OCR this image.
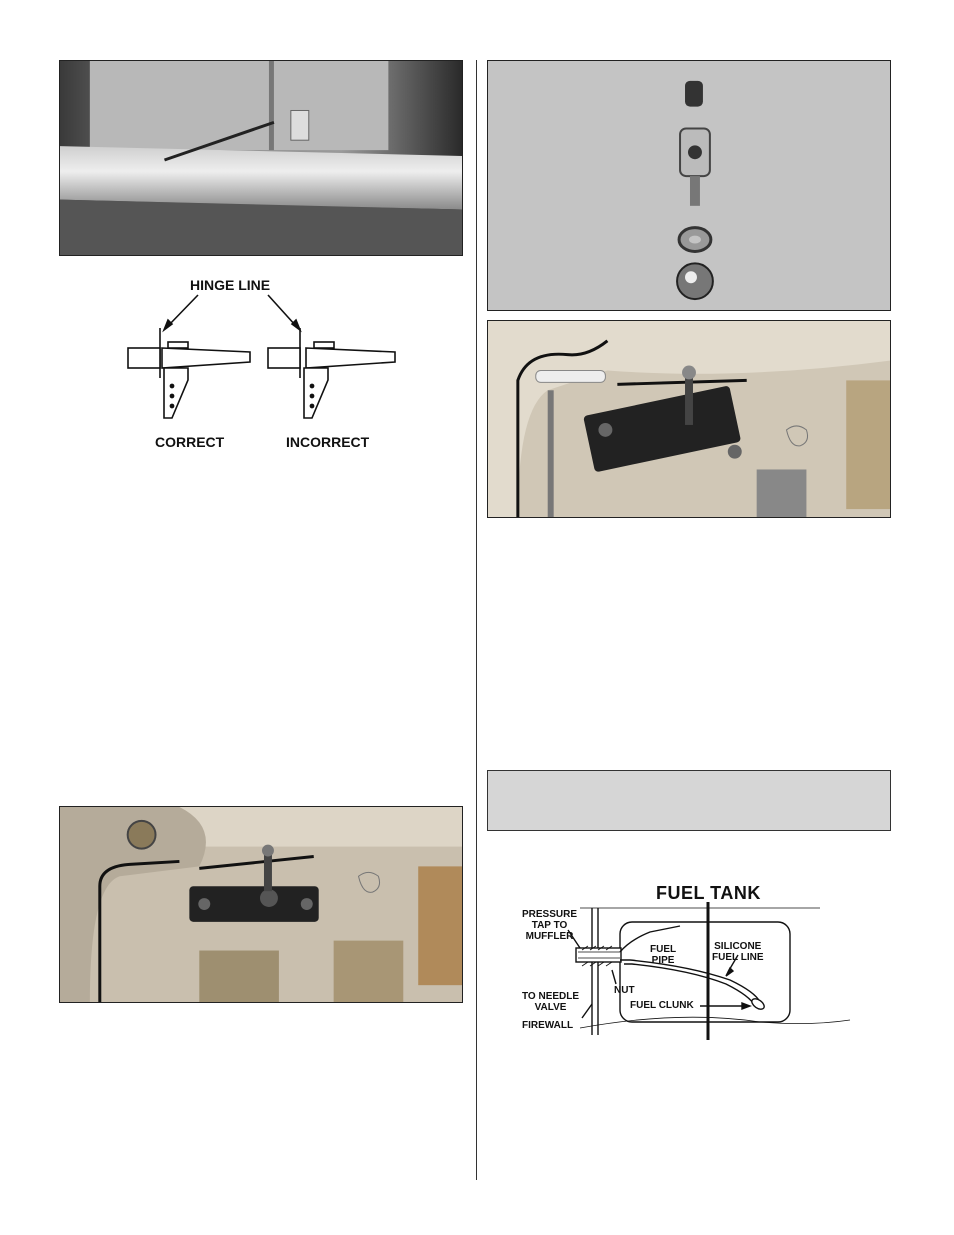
HINGE LINE
CORRECT	INCORRECT
FUEL TANK
PRESSURE
TAP TO
MUFFLER
TO NEEDLE
VALVE
FIREWALL
FUEL
PIPE
NUT
FUEL CLUNK
SILICONE
FUEL LINE
